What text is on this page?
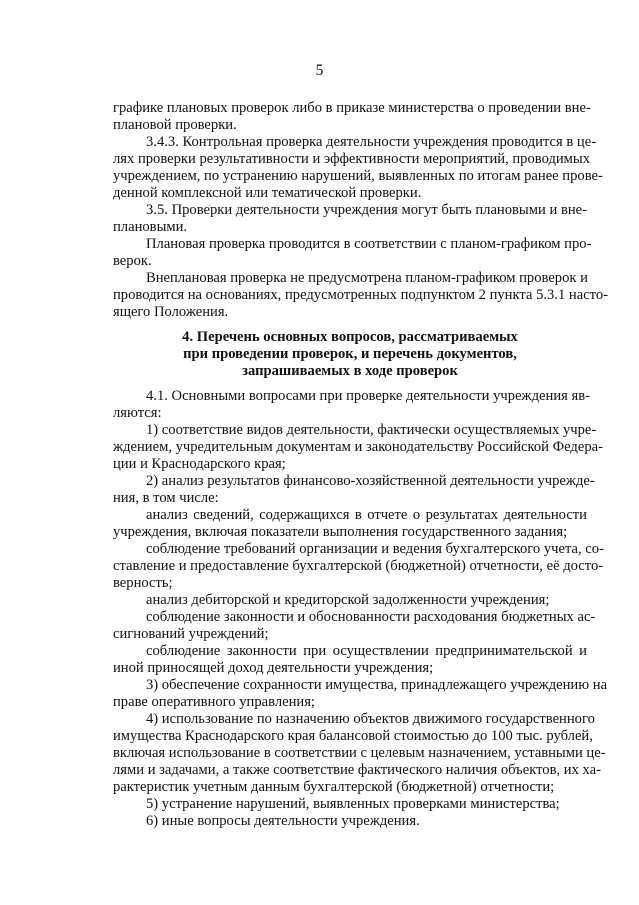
5
графике плановых проверок либо в приказе министерства о проведении вне-
плановой проверки.
3.4.3. Контрольная проверка деятельности учреждения проводится в це-
лях проверки результативности и эффективности мероприятий, проводимых
учреждением, по устранению нарушений, выявленных по итогам ранее прове-
денной комплексной или тематической проверки.
3.5. Проверки деятельности учреждения могут быть плановыми и вне-
плановыми.
Плановая проверка проводится в соответствии с планом-графиком про-
верок.
Внеплановая проверка не предусмотрена планом-графиком проверок и
проводится на основаниях, предусмотренных подпунктом 2 пункта 5.3.1 насто-
ящего Положения.
4. Перечень основных вопросов, рассматриваемых
при проведении проверок, и перечень документов,
запрашиваемых в ходе проверок
4.1. Основными вопросами при проверке деятельности учреждения яв-
ляются:
1) соответствие видов деятельности, фактически осуществляемых учре-
ждением, учредительным документам и законодательству Российской Федера-
ции и Краснодарского края;
2) анализ результатов финансово-хозяйственной деятельности учрежде-
ния, в том числе:
анализ сведений, содержащихся в отчете о результатах деятельности
учреждения, включая показатели выполнения государственного задания;
соблюдение требований организации и ведения бухгалтерского учета, со-
ставление и предоставление бухгалтерской (бюджетной) отчетности, её досто-
верность;
анализ дебиторской и кредиторской задолженности учреждения;
соблюдение законности и обоснованности расходования бюджетных ас-
сигнований учреждений;
соблюдение законности при осуществлении предпринимательской и
иной приносящей доход деятельности учреждения;
3) обеспечение сохранности имущества, принадлежащего учреждению на
праве оперативного управления;
4) использование по назначению объектов движимого государственного
имущества Краснодарского края балансовой стоимостью до 100 тыс. рублей,
включая использование в соответствии с целевым назначением, уставными це-
лями и задачами, а также соответствие фактического наличия объектов, их ха-
рактеристик учетным данным бухгалтерской (бюджетной) отчетности;
5) устранение нарушений, выявленных проверками министерства;
6) иные вопросы деятельности учреждения.
